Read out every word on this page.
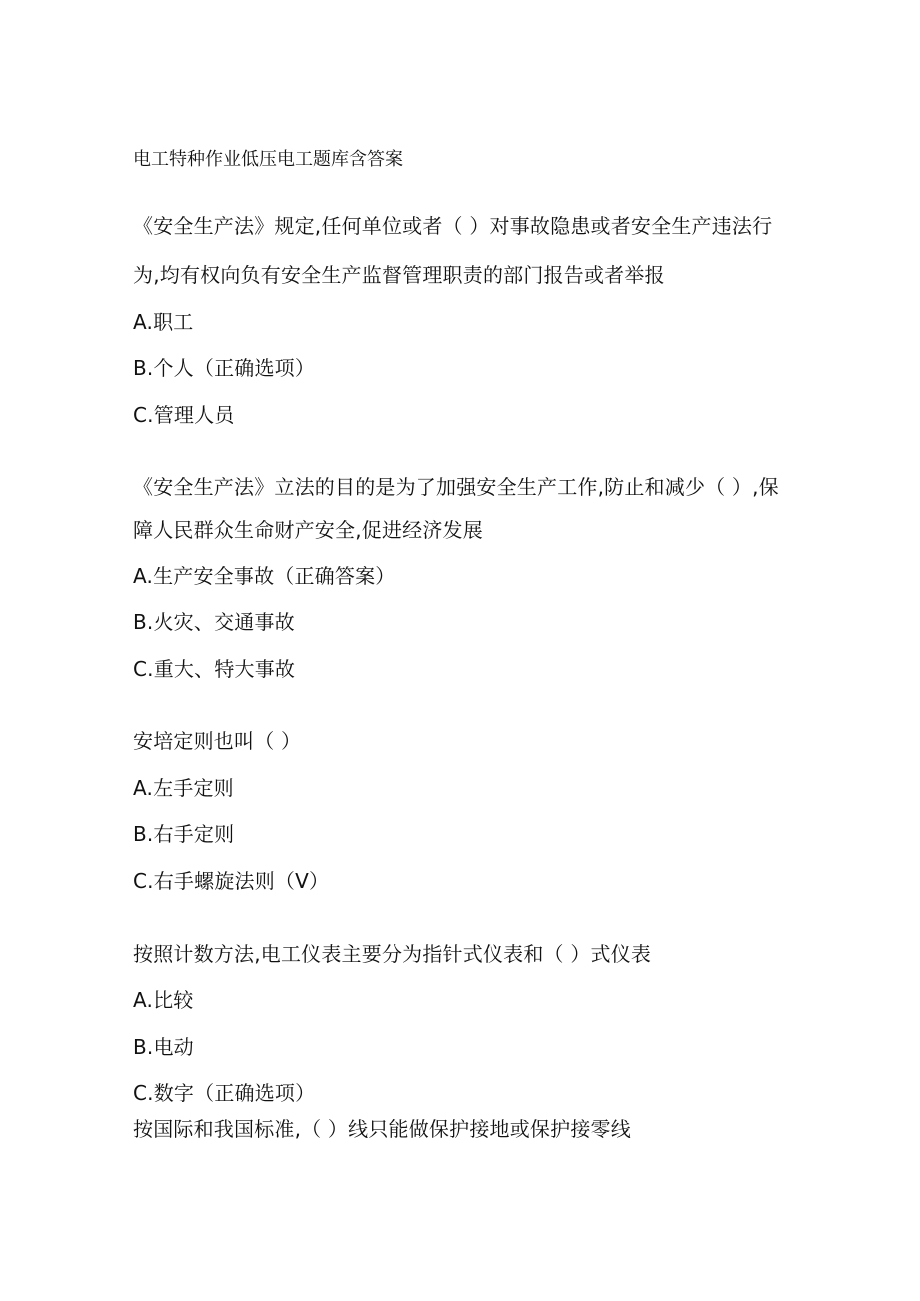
电工特种作业低压电工题库含答案
《安全生产法》规定,任何单位或者（ ）对事故隐患或者安全生产违法行
为,均有权向负有安全生产监督管理职责的部门报告或者举报
A.职工
B.个人（正确选项）
C.管理人员
《安全生产法》立法的目的是为了加强安全生产工作,防止和减少（ ）,保
障人民群众生命财产安全,促进经济发展
A.生产安全事故（正确答案）
B.火灾、交通事故
C.重大、特大事故
安培定则也叫（ ）
A.左手定则
B.右手定则
C.右手螺旋法则（V）
按照计数方法,电工仪表主要分为指针式仪表和（ ）式仪表
A.比较
B.电动
C.数字（正确选项）
按国际和我国标准,（ ）线只能做保护接地或保护接零线
